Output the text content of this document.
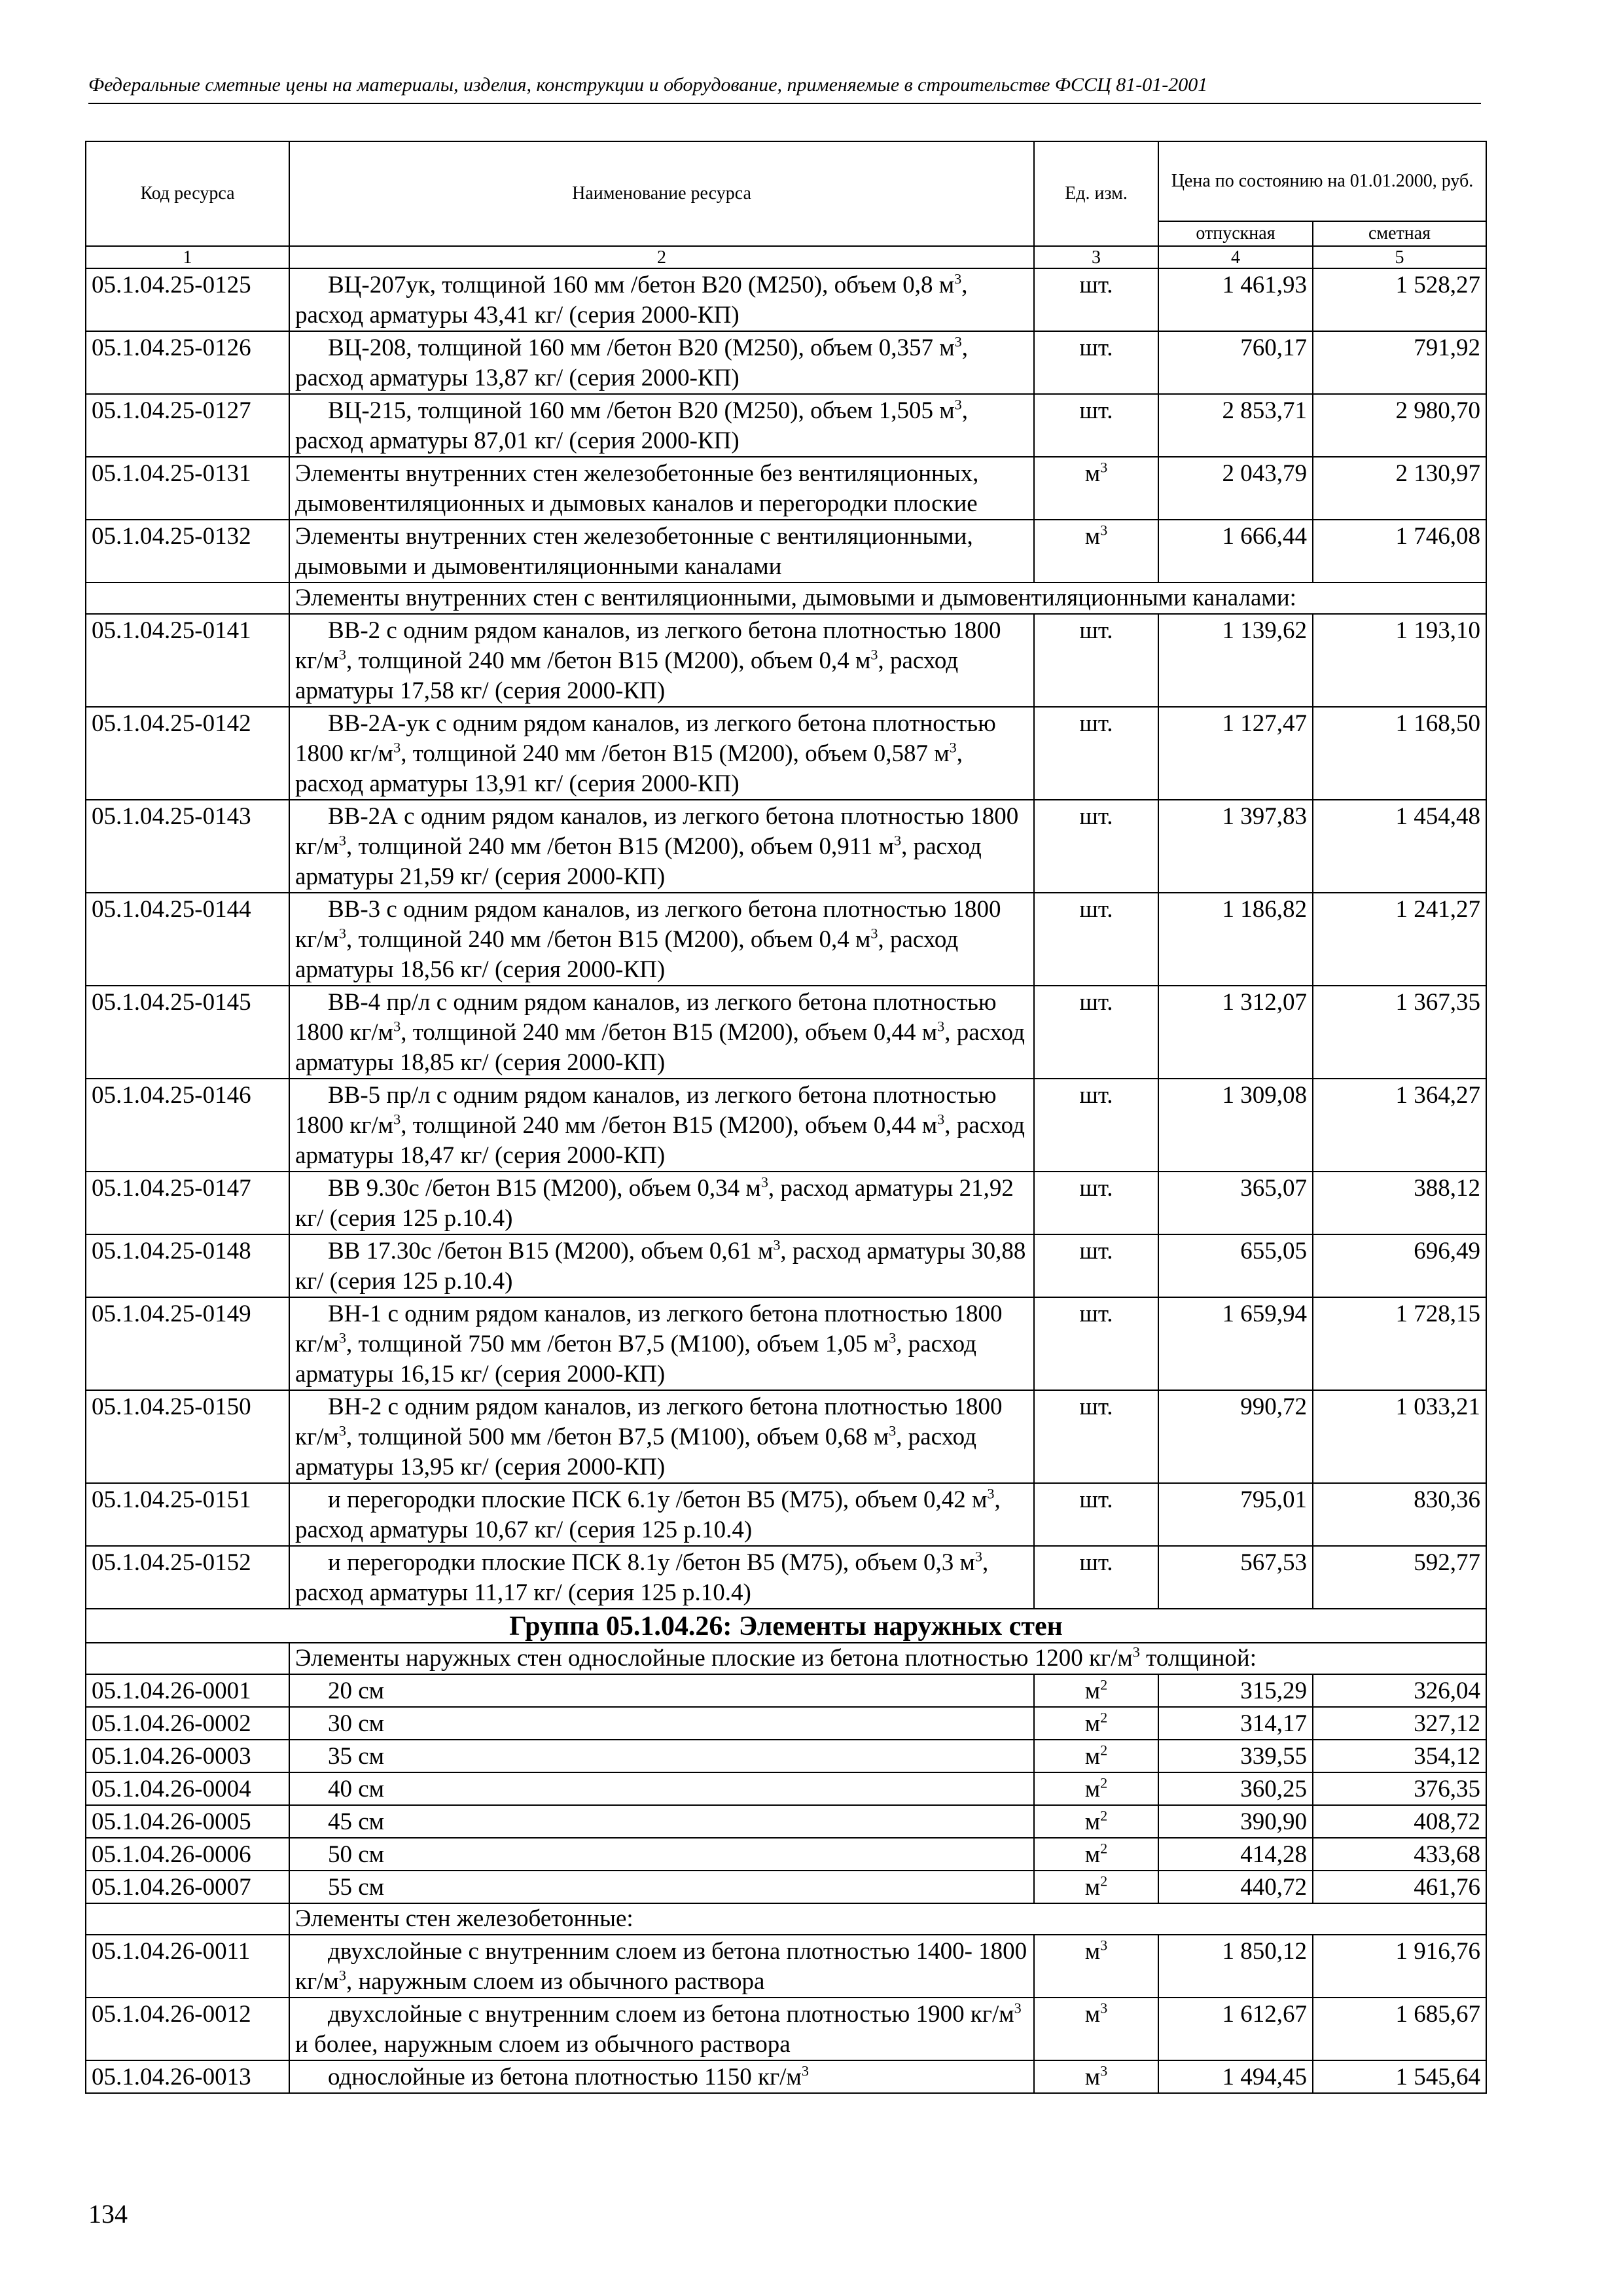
Федеральные сметные цены на материалы, изделия, конструкции и оборудование, применяемые в строительстве ФССЦ 81-01-2001
Код ресурса	Наименование ресурса	Ед. изм.	Цена по состоянию на 01.01.2000, руб.	
			отпускная	сметная
1	2	3	4	5
05.1.04.25-0125	ВЦ-207ук, толщиной 160 мм /бетон В20 (М250), объем 0,8 $м^3$, расход арматуры 43,41 кг/ (серия 2000-КП)	шт.	1 461,93	1 528,27
05.1.04.25-0126	ВЦ-208, толщиной 160 мм /бетон В20 (М250), объем 0,357 $м^3$, расход арматуры 13,87 кг/ (серия 2000-КП)	шт.	760,17	791,92
05.1.04.25-0127	ВЦ-215, толщиной 160 мм /бетон В20 (М250), объем 1,505 $м^3$, расход арматуры 87,01 кг/ (серия 2000-КП)	шт.	2 853,71	2 980,70
05.1.04.25-0131	Элементы внутренних стен железобетонные без вентиляционных, дымовентиляционных и дымовых каналов и перегородки плоские	$м^3$	2 043,79	2 130,97
05.1.04.25-0132	Элементы внутренних стен железобетонные с вентиляционными, дымовыми и дымовентиляционными каналами	$м^3$	1 666,44	1 746,08
	Элементы внутренних стен с вентиляционными, дымовыми и дымовентиляционными каналами:			
05.1.04.25-0141	ВВ-2 с одним рядом каналов, из легкого бетона плотностью 1800 $кг/м^3$, толщиной 240 мм /бетон В15 (М200), объем 0,4 $м^3$, расход арматуры 17,58 кг/ (серия 2000-КП)	шт.	1 139,62	1 193,10
05.1.04.25-0142	ВВ-2А-ук с одним рядом каналов, из легкого бетона плотностью 1800 $кг/м^3$, толщиной 240 мм /бетон В15 (М200), объем 0,587 $м^3$, расход арматуры 13,91 кг/ (серия 2000-КП)	шт.	1 127,47	1 168,50
05.1.04.25-0143	ВВ-2А с одним рядом каналов, из легкого бетона плотностью 1800 $кг/м^3$, толщиной 240 мм /бетон В15 (М200), объем 0,911 $м^3$, расход арматуры 21,59 кг/ (серия 2000-КП)	шт.	1 397,83	1 454,48
05.1.04.25-0144	ВВ-3 с одним рядом каналов, из легкого бетона плотностью 1800 $кг/м^3$, толщиной 240 мм /бетон В15 (М200), объем 0,4 $м^3$, расход арматуры 18,56 кг/ (серия 2000-КП)	шт.	1 186,82	1 241,27
05.1.04.25-0145	ВВ-4 пр/л с одним рядом каналов, из легкого бетона плотностью 1800 $кг/м^3$, толщиной 240 мм /бетон В15 (М200), объем 0,44 $м^3$, расход арматуры 18,85 кг/ (серия 2000-КП)	шт.	1 312,07	1 367,35
05.1.04.25-0146	ВВ-5 пр/л с одним рядом каналов, из легкого бетона плотностью 1800 $кг/м^3$, толщиной 240 мм /бетон В15 (М200), объем 0,44 $м^3$, расход арматуры 18,47 кг/ (серия 2000-КП)	шт.	1 309,08	1 364,27
05.1.04.25-0147	ВВ 9.30с /бетон В15 (М200), объем 0,34 $м^3$, расход арматуры 21,92 кг/ (серия 125 р.10.4)	шт.	365,07	388,12
05.1.04.25-0148	ВВ 17.30с /бетон В15 (М200), объем 0,61 $м^3$, расход арматуры 30,88 кг/ (серия 125 р.10.4)	шт.	655,05	696,49
05.1.04.25-0149	ВН-1 с одним рядом каналов, из легкого бетона плотностью 1800 $кг/м^3$, толщиной 750 мм /бетон В7,5 (М100), объем 1,05 $м^3$, расход арматуры 16,15 кг/ (серия 2000-КП)	шт.	1 659,94	1 728,15
05.1.04.25-0150	ВН-2 с одним рядом каналов, из легкого бетона плотностью 1800 $кг/м^3$, толщиной 500 мм /бетон В7,5 (М100), объем 0,68 $м^3$, расход арматуры 13,95 кг/ (серия 2000-КП)	шт.	990,72	1 033,21
05.1.04.25-0151	и перегородки плоские ПСК 6.1у /бетон В5 (М75), объем 0,42 $м^3$, расход арматуры 10,67 кг/ (серия 125 р.10.4)	шт.	795,01	830,36
05.1.04.25-0152	и перегородки плоские ПСК 8.1у /бетон В5 (М75), объем 0,3 $м^3$, расход арматуры 11,17 кг/ (серия 125 р.10.4)	шт.	567,53	592,77
Группа 05.1.04.26: Элементы наружных стен				
	Элементы наружных стен однослойные плоские из бетона плотностью 1200 $кг/м^3$ толщиной:			
05.1.04.26-0001	20 см	$м^2$	315,29	326,04
05.1.04.26-0002	30 см	$м^2$	314,17	327,12
05.1.04.26-0003	35 см	$м^2$	339,55	354,12
05.1.04.26-0004	40 см	$м^2$	360,25	376,35
05.1.04.26-0005	45 см	$м^2$	390,90	408,72
05.1.04.26-0006	50 см	$м^2$	414,28	433,68
05.1.04.26-0007	55 см	$м^2$	440,72	461,76
	Элементы стен железобетонные:			
05.1.04.26-0011	двухслойные с внутренним слоем из бетона плотностью 1400- 1800 $кг/м^3$, наружным слоем из обычного раствора	$м^3$	1 850,12	1 916,76
05.1.04.26-0012	двухслойные с внутренним слоем из бетона плотностью 1900 $кг/м^3$ и более, наружным слоем из обычного раствора	$м^3$	1 612,67	1 685,67
05.1.04.26-0013	однослойные из бетона плотностью 1150 $кг/м^3$	$м^3$	1 494,45	1 545,64
134
